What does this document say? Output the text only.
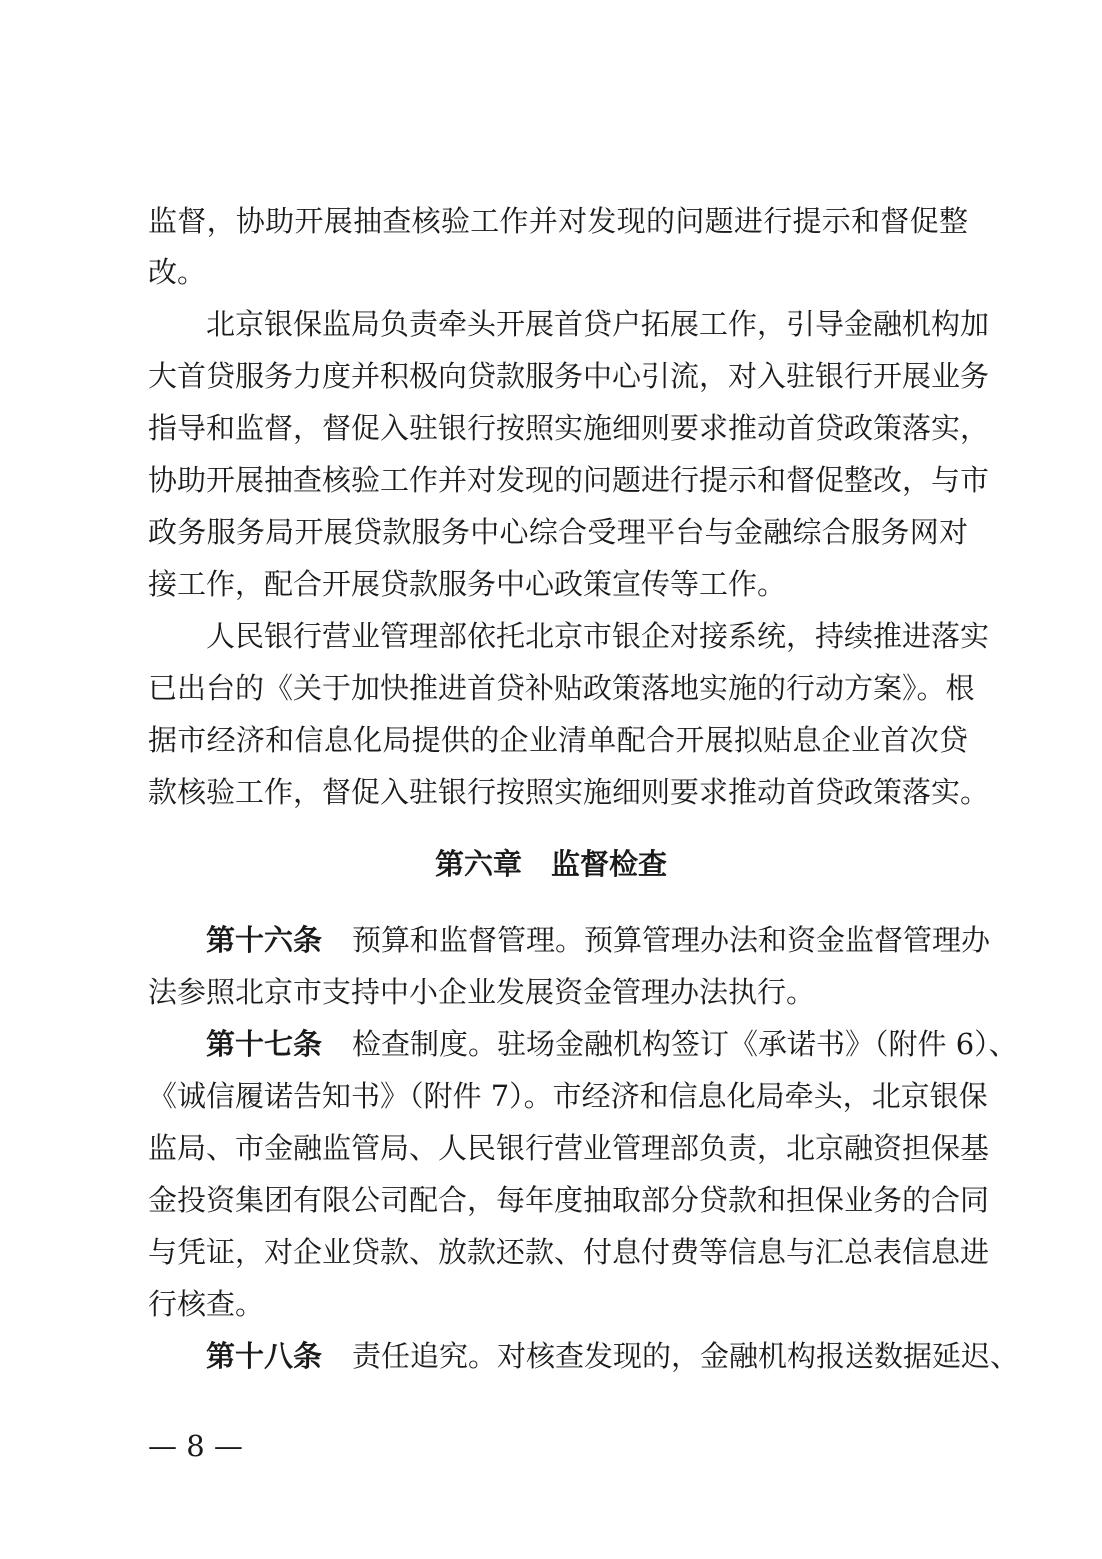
监督，协助开展抽查核验工作并对发现的问题进行提示和督促整
改。
北京银保监局负责牵头开展首贷户拓展工作，引导金融机构加
大首贷服务力度并积极向贷款服务中心引流，对入驻银行开展业务
指导和监督，督促入驻银行按照实施细则要求推动首贷政策落实，
协助开展抽查核验工作并对发现的问题进行提示和督促整改，与市
政务服务局开展贷款服务中心综合受理平台与金融综合服务网对
接工作，配合开展贷款服务中心政策宣传等工作。
人民银行营业管理部依托北京市银企对接系统，持续推进落实
已出台的《关于加快推进首贷补贴政策落地实施的行动方案》。根
据市经济和信息化局提供的企业清单配合开展拟贴息企业首次贷
款核验工作，督促入驻银行按照实施细则要求推动首贷政策落实。
第六章　监督检查
第十六条 预算和监督管理。预算管理办法和资金监督管理办
法参照北京市支持中小企业发展资金管理办法执行。
第十七条 检查制度。驻场金融机构签订《承诺书》（附件 6）、
《诚信履诺告知书》（附件 7）。市经济和信息化局牵头，北京银保
监局、市金融监管局、人民银行营业管理部负责，北京融资担保基
金投资集团有限公司配合，每年度抽取部分贷款和担保业务的合同
与凭证，对企业贷款、放款还款、付息付费等信息与汇总表信息进
行核查。
第十八条 责任追究。对核查发现的，金融机构报送数据延迟、
— 8 —
